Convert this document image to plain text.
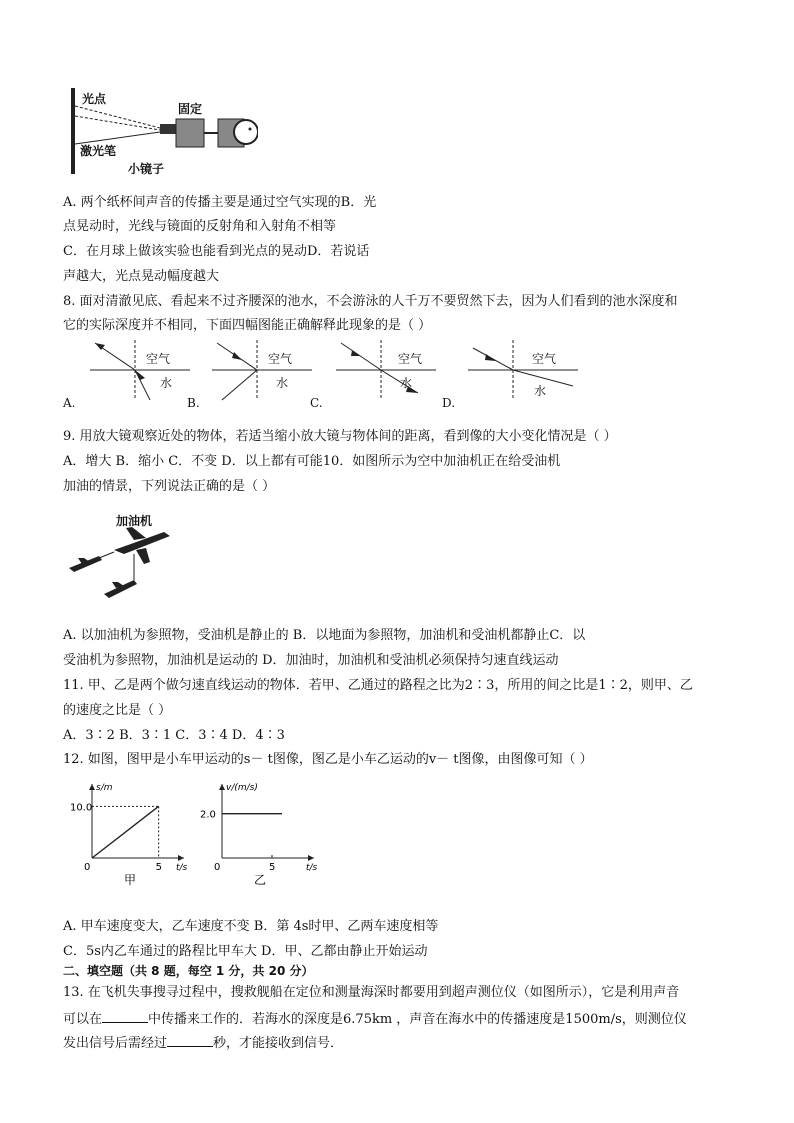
光点
固定
激光笔
小镜子
A. 两个纸杯间声音的传播主要是通过空气实现的B．光
点晃动时，光线与镜面的反射角和入射角不相等
C．在月球上做该实验也能看到光点的晃动D．若说话
声越大，光点晃动幅度越大
8. 面对清澈见底、看起来不过齐腰深的池水，不会游泳的人千万不要贸然下去，因为人们看到的池水深度和
它的实际深度并不相同，下面四幅图能正确解释此现象的是（ ）
空气
水
空气
水
空气
水
空气
水
A.	B.	C.	D.
9. 用放大镜观察近处的物体，若适当缩小放大镜与物体间的距离，看到像的大小变化情况是（ ）
A．增大 B．缩小 C．不变 D．以上都有可能10．如图所示为空中加油机正在给受油机
加油的情景，下列说法正确的是（ ）
加油机
A. 以加油机为参照物，受油机是静止的 B．以地面为参照物，加油机和受油机都静止C．以
受油机为参照物，加油机是运动的 D．加油时，加油机和受油机必须保持匀速直线运动
11. 甲、乙是两个做匀速直线运动的物体．若甲、乙通过的路程之比为2∶3，所用的间之比是1∶2，则甲、乙
的速度之比是（ ）
A．3∶2 B．3∶1 C．3∶4 D．4∶3
12. 如图，图甲是小车甲运动的s－ t图像，图乙是小车乙运动的v－ t图像，由图像可知（ ）
0	5
10.0
s/m
t/s
甲
0	5
2.0
v/(m/s)
t/s
乙
A. 甲车速度变大，乙车速度不变 B．第 4s时甲、乙两车速度相等
C．5s内乙车通过的路程比甲车大 D．甲、乙都由静止开始运动
二、填空题（共 8 题，每空 1 分，共 20 分）
13. 在飞机失事搜寻过程中，搜救舰船在定位和测量海深时都要用到超声测位仪（如图所示），它是利用声音
可以在	中传播来工作的．若海水的深度是6.75km ，声音在海水中的传播速度是1500m/s，则测位仪
发出信号后需经过	秒，才能接收到信号．
